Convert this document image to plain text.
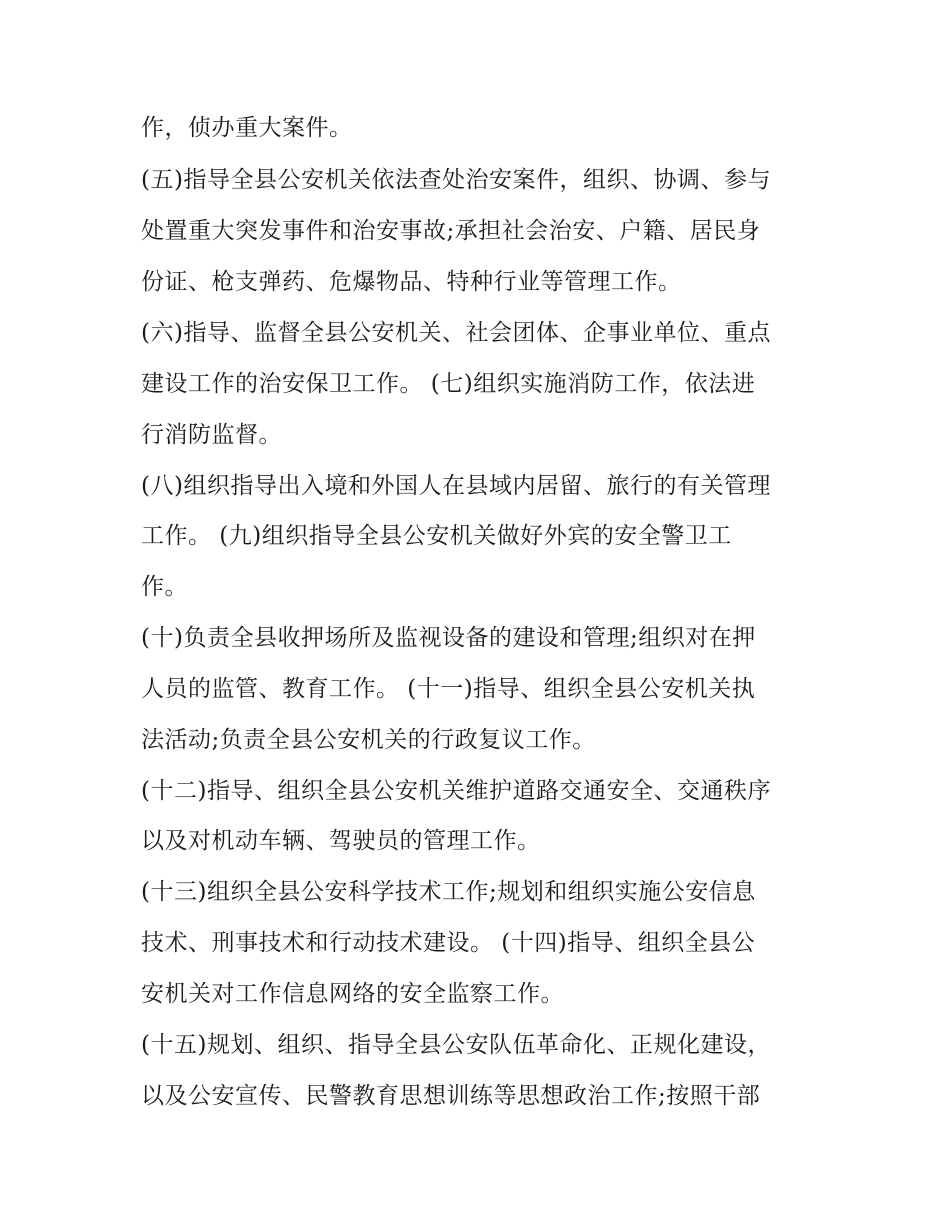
作，侦办重大案件。
(五)指导全县公安机关依法查处治安案件，组织、协调、参与
处置重大突发事件和治安事故;承担社会治安、户籍、居民身
份证、枪支弹药、危爆物品、特种行业等管理工作。
(六)指导、监督全县公安机关、社会团体、企事业单位、重点
建设工作的治安保卫工作。 (七)组织实施消防工作，依法进
行消防监督。
(八)组织指导出入境和外国人在县域内居留、旅行的有关管理
工作。 (九)组织指导全县公安机关做好外宾的安全警卫工
作。
(十)负责全县收押场所及监视设备的建设和管理;组织对在押
人员的监管、教育工作。 (十一)指导、组织全县公安机关执
法活动;负责全县公安机关的行政复议工作。
(十二)指导、组织全县公安机关维护道路交通安全、交通秩序
以及对机动车辆、驾驶员的管理工作。
(十三)组织全县公安科学技术工作;规划和组织实施公安信息
技术、刑事技术和行动技术建设。 (十四)指导、组织全县公
安机关对工作信息网络的安全监察工作。
(十五)规划、组织、指导全县公安队伍革命化、正规化建设，
以及公安宣传、民警教育思想训练等思想政治工作;按照干部
